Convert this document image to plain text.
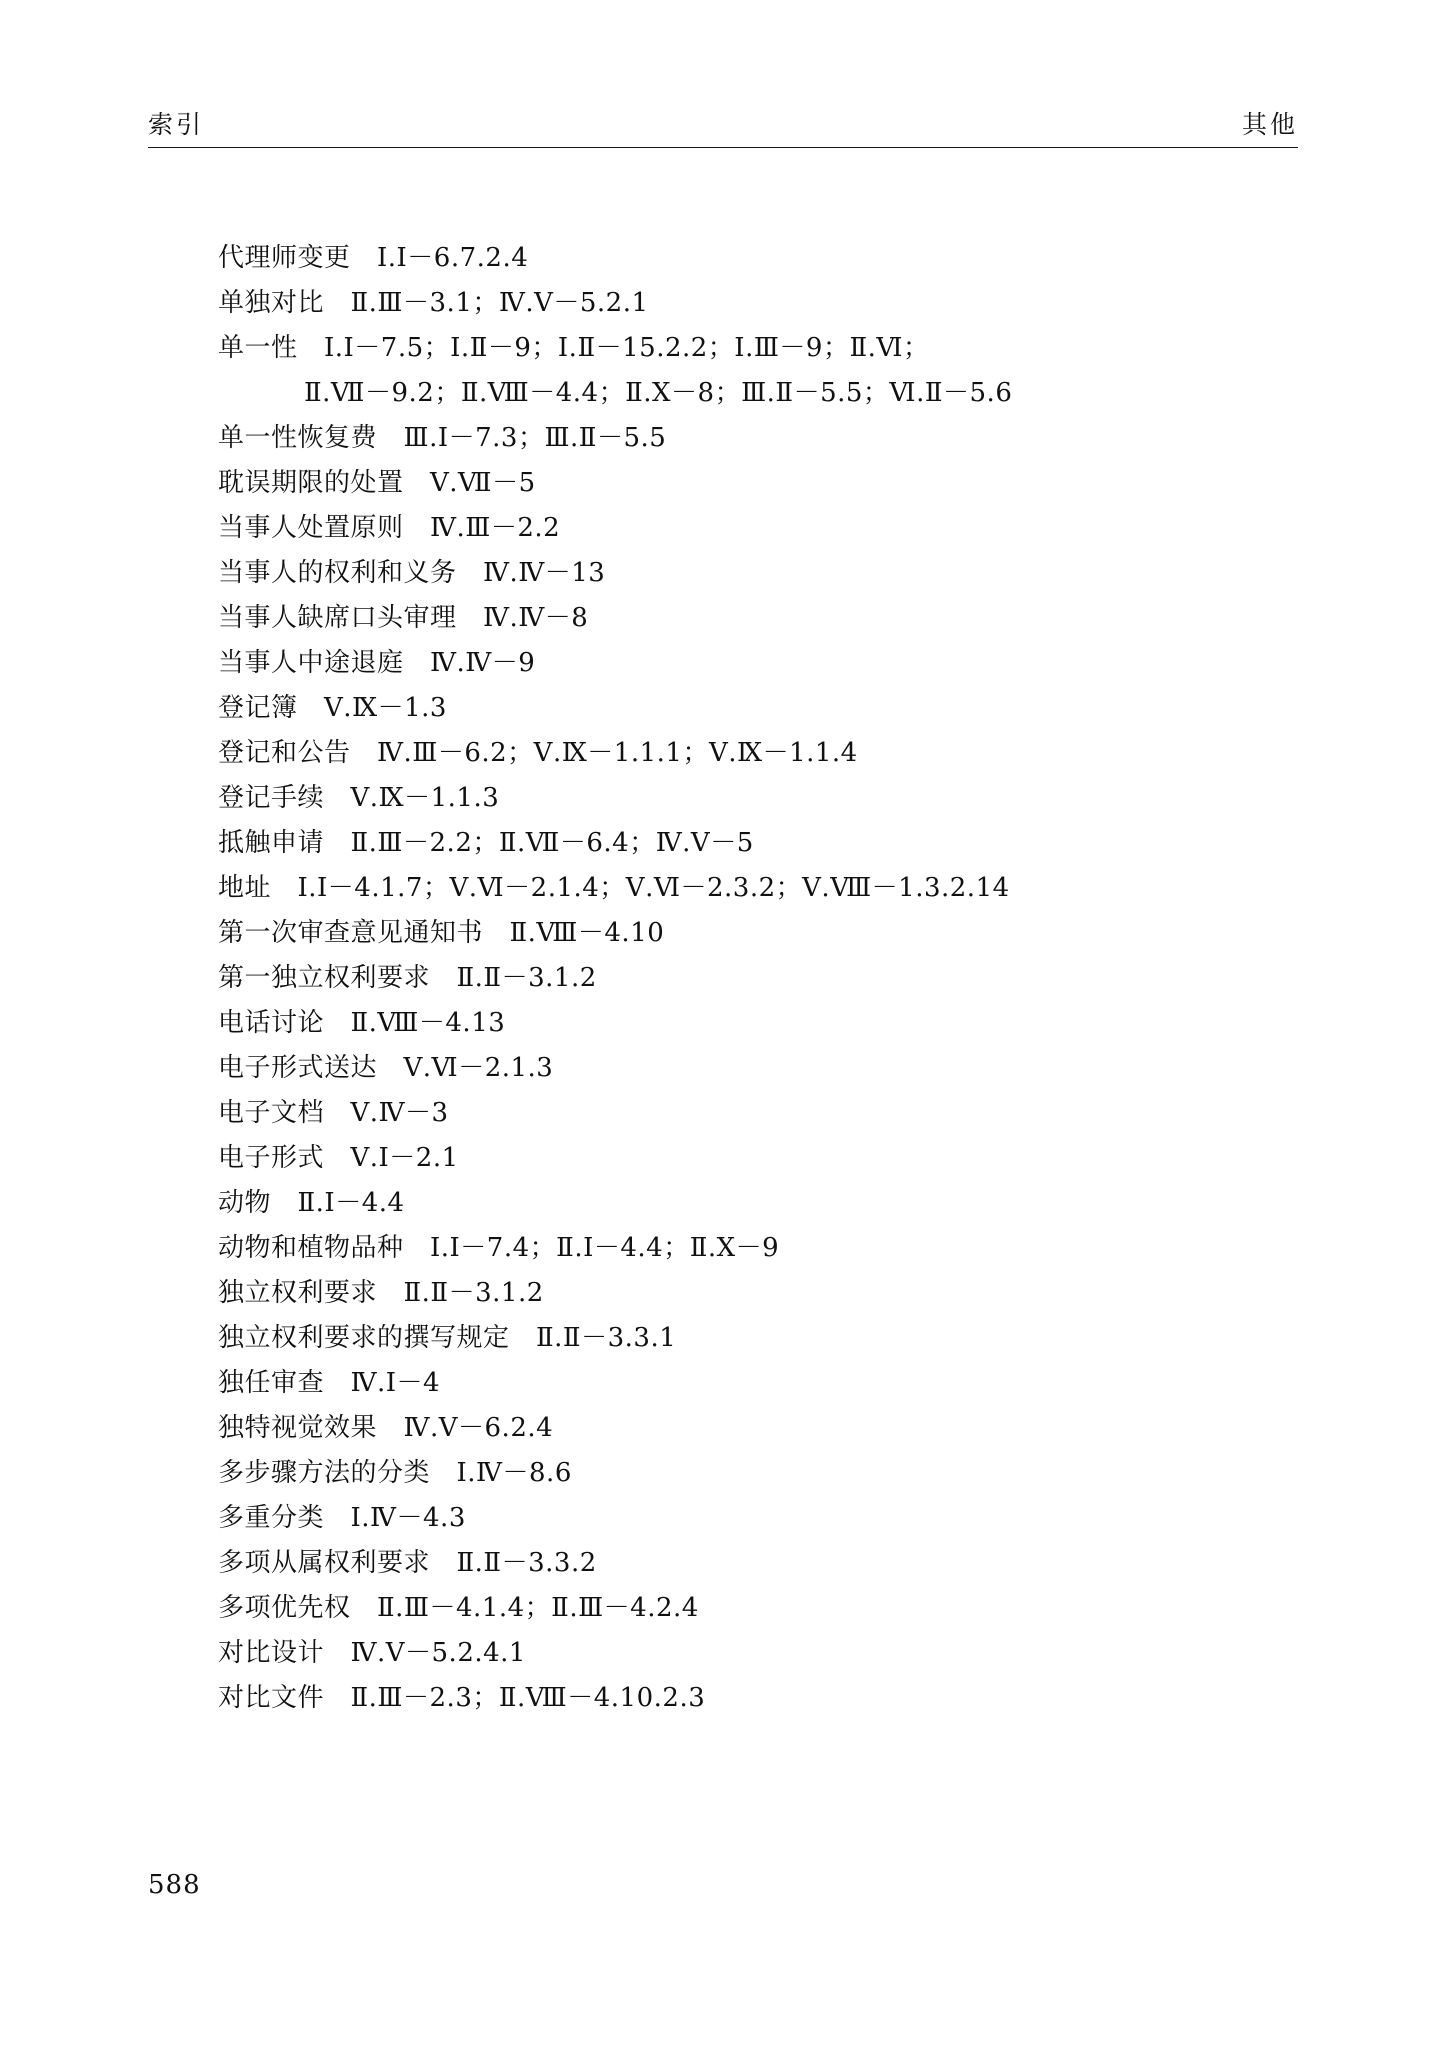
索引	其他
代理师变更　Ⅰ.Ⅰ－6.7.2.4
单独对比　Ⅱ.Ⅲ－3.1；Ⅳ.Ⅴ－5.2.1
单一性　Ⅰ.Ⅰ－7.5；Ⅰ.Ⅱ－9；Ⅰ.Ⅱ－15.2.2；Ⅰ.Ⅲ－9；Ⅱ.Ⅵ；
Ⅱ.Ⅶ－9.2；Ⅱ.Ⅷ－4.4；Ⅱ.Ⅹ－8；Ⅲ.Ⅱ－5.5；Ⅵ.Ⅱ－5.6
单一性恢复费　Ⅲ.Ⅰ－7.3；Ⅲ.Ⅱ－5.5
耽误期限的处置　Ⅴ.Ⅶ－5
当事人处置原则　Ⅳ.Ⅲ－2.2
当事人的权利和义务　Ⅳ.Ⅳ－13
当事人缺席口头审理　Ⅳ.Ⅳ－8
当事人中途退庭　Ⅳ.Ⅳ－9
登记簿　Ⅴ.Ⅸ－1.3
登记和公告　Ⅳ.Ⅲ－6.2；Ⅴ.Ⅸ－1.1.1；Ⅴ.Ⅸ－1.1.4
登记手续　Ⅴ.Ⅸ－1.1.3
抵触申请　Ⅱ.Ⅲ－2.2；Ⅱ.Ⅶ－6.4；Ⅳ.Ⅴ－5
地址　Ⅰ.Ⅰ－4.1.7；Ⅴ.Ⅵ－2.1.4；Ⅴ.Ⅵ－2.3.2；Ⅴ.Ⅷ－1.3.2.14
第一次审查意见通知书　Ⅱ.Ⅷ－4.10
第一独立权利要求　Ⅱ.Ⅱ－3.1.2
电话讨论　Ⅱ.Ⅷ－4.13
电子形式送达　Ⅴ.Ⅵ－2.1.3
电子文档　Ⅴ.Ⅳ－3
电子形式　Ⅴ.Ⅰ－2.1
动物　Ⅱ.Ⅰ－4.4
动物和植物品种　Ⅰ.Ⅰ－7.4；Ⅱ.Ⅰ－4.4；Ⅱ.Ⅹ－9
独立权利要求　Ⅱ.Ⅱ－3.1.2
独立权利要求的撰写规定　Ⅱ.Ⅱ－3.3.1
独任审查　Ⅳ.Ⅰ－4
独特视觉效果　Ⅳ.Ⅴ－6.2.4
多步骤方法的分类　Ⅰ.Ⅳ－8.6
多重分类　Ⅰ.Ⅳ－4.3
多项从属权利要求　Ⅱ.Ⅱ－3.3.2
多项优先权　Ⅱ.Ⅲ－4.1.4；Ⅱ.Ⅲ－4.2.4
对比设计　Ⅳ.Ⅴ－5.2.4.1
对比文件　Ⅱ.Ⅲ－2.3；Ⅱ.Ⅷ－4.10.2.3
588
